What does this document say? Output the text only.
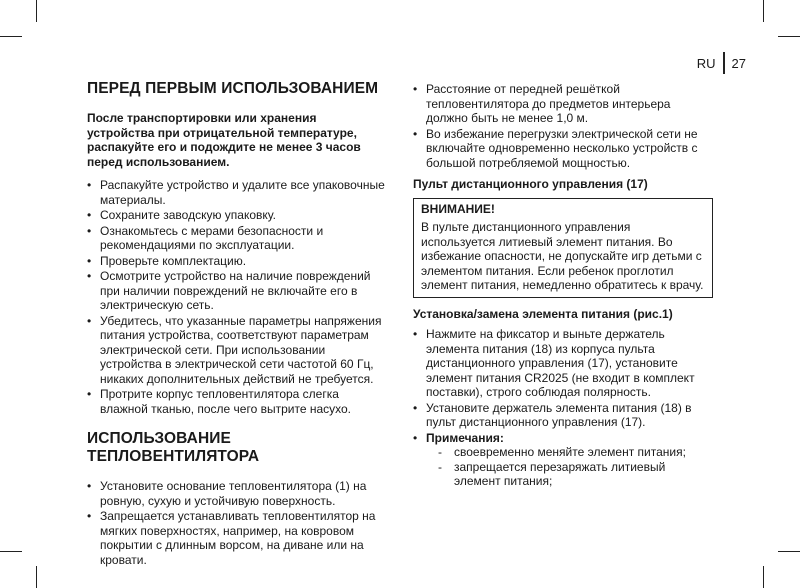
RU	27
ПЕРЕД ПЕРВЫМ ИСПОЛЬЗОВАНИЕМ

После транспортировки или хранения устройства при отрицательной температуре, распакуйте его и подождите не менее 3 часов перед использованием.

• Распакуйте устройство и удалите все упаковочные материалы.
• Сохраните заводскую упаковку.
• Ознакомьтесь с мерами безопасности и рекомендациями по эксплуатации.
• Проверьте комплектацию.
• Осмотрите устройство на наличие повреждений при наличии повреждений не включайте его в электрическую сеть.
• Убедитесь, что указанные параметры напряжения питания устройства, соответствуют параметрам электрической сети. При использовании устройства в электрической сети частотой 60 Гц, никаких дополнительных действий не требуется.
• Протрите корпус тепловентилятора слегка влажной тканью, после чего вытрите насухо.
ИСПОЛЬЗОВАНИЕ ТЕПЛОВЕНТИЛЯТОРА
• Установите основание тепловентилятора (1) на ровную, сухую и устойчивую поверхность.
• Запрещается устанавливать тепловентилятор на мягких поверхностях, например, на ковровом покрытии с длинным ворсом, на диване или на кровати.
• Расстояние от передней решёткой тепловентилятора до предметов интерьера должно быть не менее 1,0 м.
• Во избежание перегрузки электрической сети не включайте одновременно несколько устройств с большой потребляемой мощностью.

Пульт дистанционного управления (17)

ВНИМАНИЕ!
В пульте дистанционного управления используется литиевый элемент питания. Во избежание опасности, не допускайте игр детьми с элементом питания. Если ребенок проглотил элемент питания, немедленно обратитесь к врачу.

Установка/замена элемента питания (рис.1)

• Нажмите на фиксатор и выньте держатель элемента питания (18) из корпуса пульта дистанционного управления (17), установите элемент питания CR2025 (не входит в комплект поставки), строго соблюдая полярность.
• Установите держатель элемента питания (18) в пульт дистанционного управления (17).
• Примечания:
- своевременно меняйте элемент питания;
- запрещается перезаряжать литиевый элемент питания;
